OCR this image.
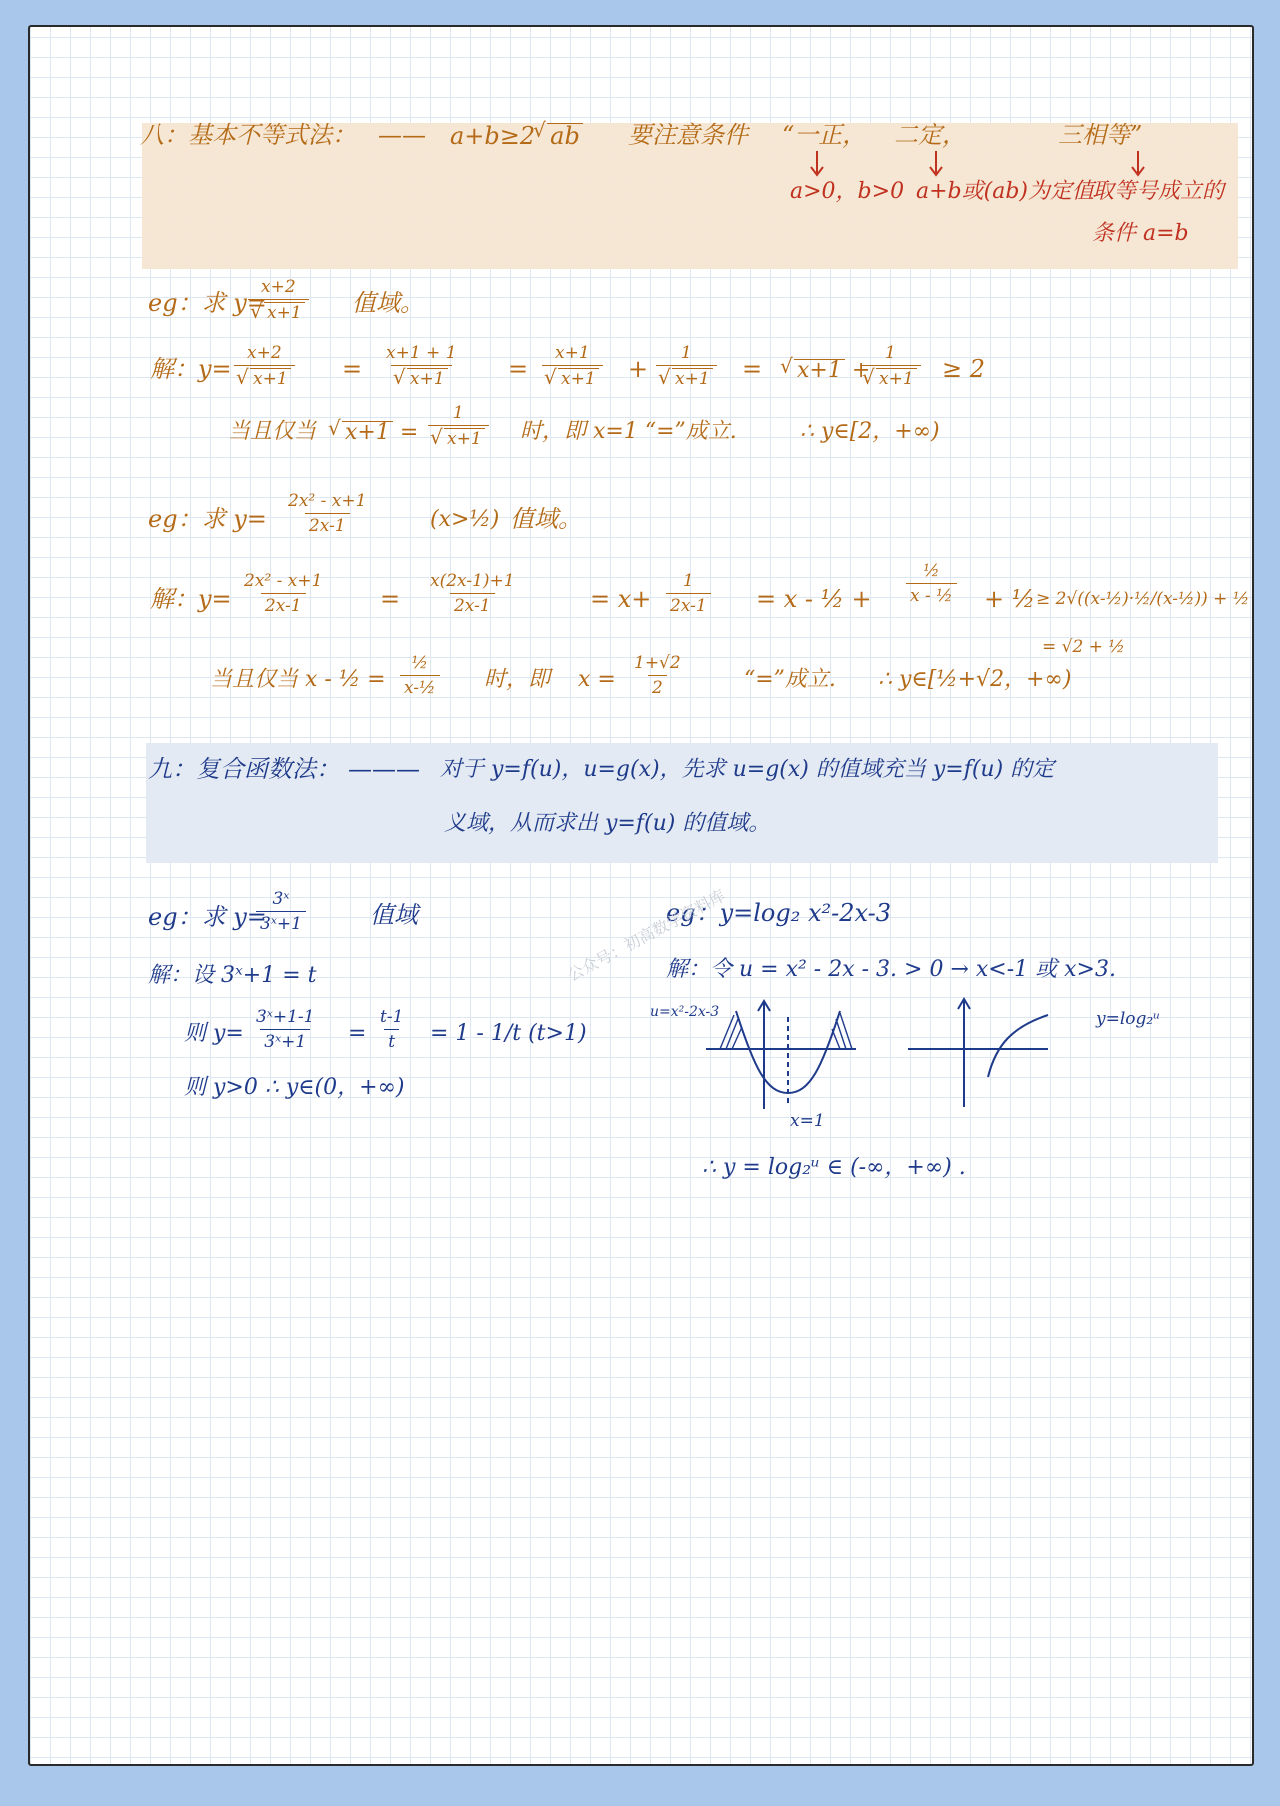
八：基本不等式法： —— a+b≥2 √ ab 要注意条件 “一正， 二定，	三相等”
a>0，b>0 a+b或(ab)为定值
取等号成立的
条件 a=b
eg：求 y=
x+2
√ x+1 值域。
解：y= x+2
√ x+1 = x+1 + 1
√ x+1 = x+1
√ x+1 + 1
√ x+1 =	√ x+1 +
1
√ x+1 ≥ 2
当且仅当	√ x+1 = 1
√ x+1 时，即 x=1 “=”成立.	∴ y∈[2，+∞)
eg：求 $y= \frac{\text{2x² - x+1}}{2x-1}$	(x>½) 值域。
解：$y= \frac{\text{2x² - x+1}}{2x-1} = \frac{x(2x-1)+1}{2x-1}$	= $x+ \frac{1}{2x-1} = x$ - ½ +
½
x - ½ + ½ ≥ 2√((x-½)·½/(x-½)) + ½
= √2 + ½
当且仅当 x - ½ =
½
x-½ 时，即 $x = \frac{1+√2}{2}$	“=”成立. ∴ y∈[½+√2，+∞)
九：复合函数法： ——— 对于 y=f(u)，u=g(x)，先求 u=g(x) 的值域充当 y=f(u) 的定
义域，从而求出 y=f(u) 的值域。
eg：求 y=
$\frac{\text{3ˣ}}{\text{3ˣ+1}}$	值域
解：设 3ˣ+1 = t
则 $y= \frac{\text{3ˣ+1-1}}{\text{3ˣ+1}} = \frac{t-1}{t} = 1 - 1/t$ (t>1)
则 y>0 ∴ y∈(0，+∞)
eg：y=log₂ x²-2x-3
解：令 u = x² - 2x - 3. > 0 → x<-1 或 x>3.
u=x²-2x-3
x=1
y=log₂ᵘ
∴ y = log₂ᵘ ∈ (-∞，+∞) .
公众号：初高数学资料库
